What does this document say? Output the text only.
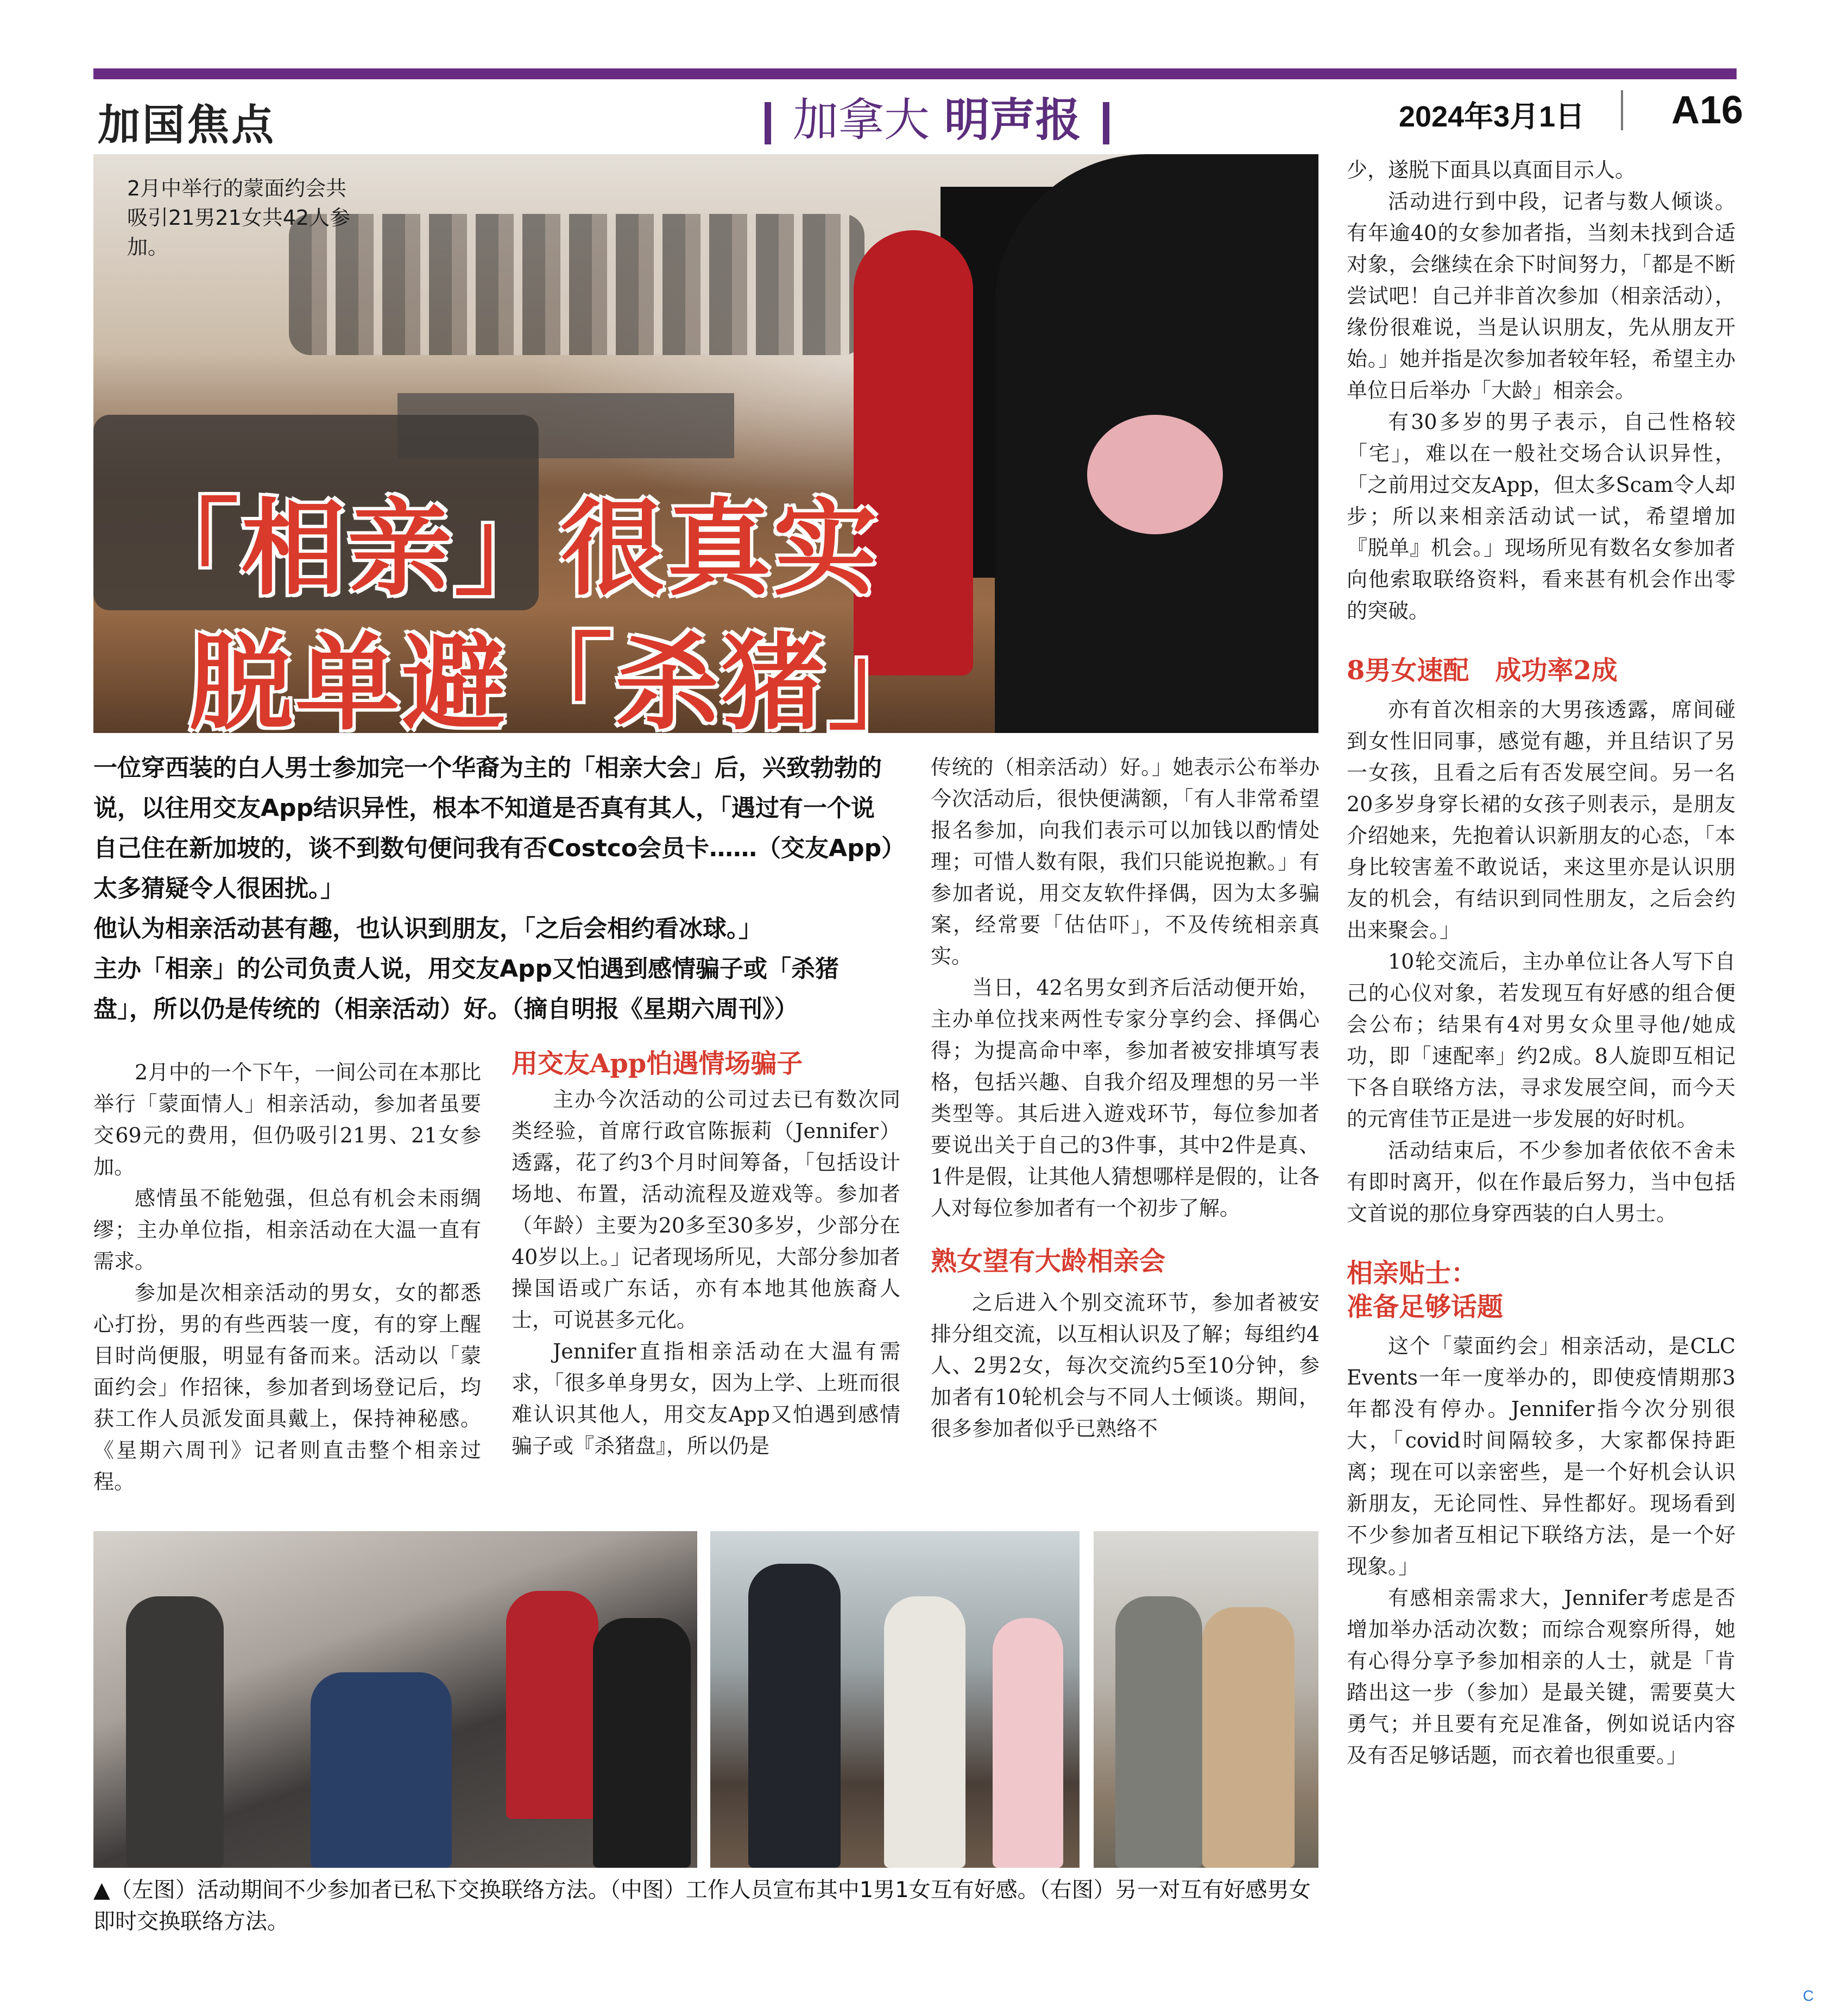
加国焦点	加拿大 明声报	2024年3月1日 A16
2月中举行的蒙面约会共吸引21男21女共42人参加。
「相亲」很真实
脱单避「杀猪」

一位穿西装的白人男士参加完一个华裔为主的「相亲大会」后，兴致勃勃的说，以往用交友App结识异性，根本不知道是否真有其人，「遇过有一个说自己住在新加坡的，谈不到数句便问我有否Costco会员卡……（交友App）太多猜疑令人很困扰。」

他认为相亲活动甚有趣，也认识到朋友，「之后会相约看冰球。」

主办「相亲」的公司负责人说，用交友App又怕遇到感情骗子或「杀猪盘」，所以仍是传统的（相亲活动）好。（摘自明报《星期六周刊》）

2月中的一个下午，一间公司在本那比举行「蒙面情人」相亲活动，参加者虽要交69元的费用，但仍吸引21男、21女参加。

感情虽不能勉强，但总有机会未雨绸缪；主办单位指，相亲活动在大温一直有需求。

参加是次相亲活动的男女，女的都悉心打扮，男的有些西装一度，有的穿上醒目时尚便服，明显有备而来。活动以「蒙面约会」作招徕，参加者到场登记后，均获工作人员派发面具戴上，保持神秘感。《星期六周刊》记者则直击整个相亲过程。

用交友App怕遇情场骗子

主办今次活动的公司过去已有数次同类经验，首席行政官陈振莉（Jennifer）透露，花了约3个月时间筹备，「包括设计场地、布置，活动流程及遊戏等。参加者（年龄）主要为20多至30多岁，少部分在40岁以上。」记者现场所见，大部分参加者操国语或广东话，亦有本地其他族裔人士，可说甚多元化。

Jennifer直指相亲活动在大温有需求，「很多单身男女，因为上学、上班而很难认识其他人，用交友App又怕遇到感情骗子或『杀猪盘』，所以仍是

传统的（相亲活动）好。」她表示公布举办今次活动后，很快便满额，「有人非常希望报名参加，向我们表示可以加钱以酌情处理；可惜人数有限，我们只能说抱歉。」有参加者说，用交友软件择偶，因为太多骗案，经常要「估估吓」，不及传统相亲真实。

当日，42名男女到齐后活动便开始，主办单位找来两性专家分享约会、择偶心得；为提高命中率，参加者被安排填写表格，包括兴趣、自我介绍及理想的另一半类型等。其后进入遊戏环节，每位参加者要说出关于自己的3件事，其中2件是真、1件是假，让其他人猜想哪样是假的，让各人对每位参加者有一个初步了解。

熟女望有大龄相亲会

之后进入个别交流环节，参加者被安排分组交流，以互相认识及了解；每组约4人、2男2女，每次交流约5至10分钟，参加者有10轮机会与不同人士倾谈。期间，很多参加者似乎已熟络不

少，遂脱下面具以真面目示人。

活动进行到中段，记者与数人倾谈。有年逾40的女参加者指，当刻未找到合适对象，会继续在余下时间努力，「都是不断尝试吧！自己并非首次参加（相亲活动），缘份很难说，当是认识朋友，先从朋友开始。」她并指是次参加者较年轻，希望主办单位日后举办「大龄」相亲会。

有30多岁的男子表示，自己性格较「宅」，难以在一般社交场合认识异性，「之前用过交友App，但太多Scam令人却步；所以来相亲活动试一试，希望增加『脱单』机会。」现场所见有数名女参加者向他索取联络资料，看来甚有机会作出零的突破。

8男女速配　成功率2成

亦有首次相亲的大男孩透露，席间碰到女性旧同事，感觉有趣，并且结识了另一女孩，且看之后有否发展空间。另一名20多岁身穿长裙的女孩子则表示，是朋友介绍她来，先抱着认识新朋友的心态，「本身比较害羞不敢说话，来这里亦是认识朋友的机会，有结识到同性朋友，之后会约出来聚会。」

10轮交流后，主办单位让各人写下自己的心仪对象，若发现互有好感的组合便会公布；结果有4对男女众里寻他/她成功，即「速配率」约2成。8人旋即互相记下各自联络方法，寻求发展空间，而今天的元宵佳节正是进一步发展的好时机。

活动结束后，不少参加者依依不舍未有即时离开，似在作最后努力，当中包括文首说的那位身穿西装的白人男士。

相亲贴士：
准备足够话题

这个「蒙面约会」相亲活动，是CLC Events一年一度举办的，即使疫情期那3年都没有停办。Jennifer指今次分别很大，「covid时间隔较多，大家都保持距离；现在可以亲密些，是一个好机会认识新朋友，无论同性、异性都好。现场看到不少参加者互相记下联络方法，是一个好现象。」

有感相亲需求大，Jennifer考虑是否增加举办活动次数；而综合观察所得，她有心得分享予参加相亲的人士，就是「肯踏出这一步（参加）是最关键，需要莫大勇气；并且要有充足准备，例如说话内容及有否足够话题，而衣着也很重要。」

▲（左图）活动期间不少参加者已私下交换联络方法。（中图）工作人员宣布其中1男1女互有好感。（右图）另一对互有好感男女即时交换联络方法。
C
